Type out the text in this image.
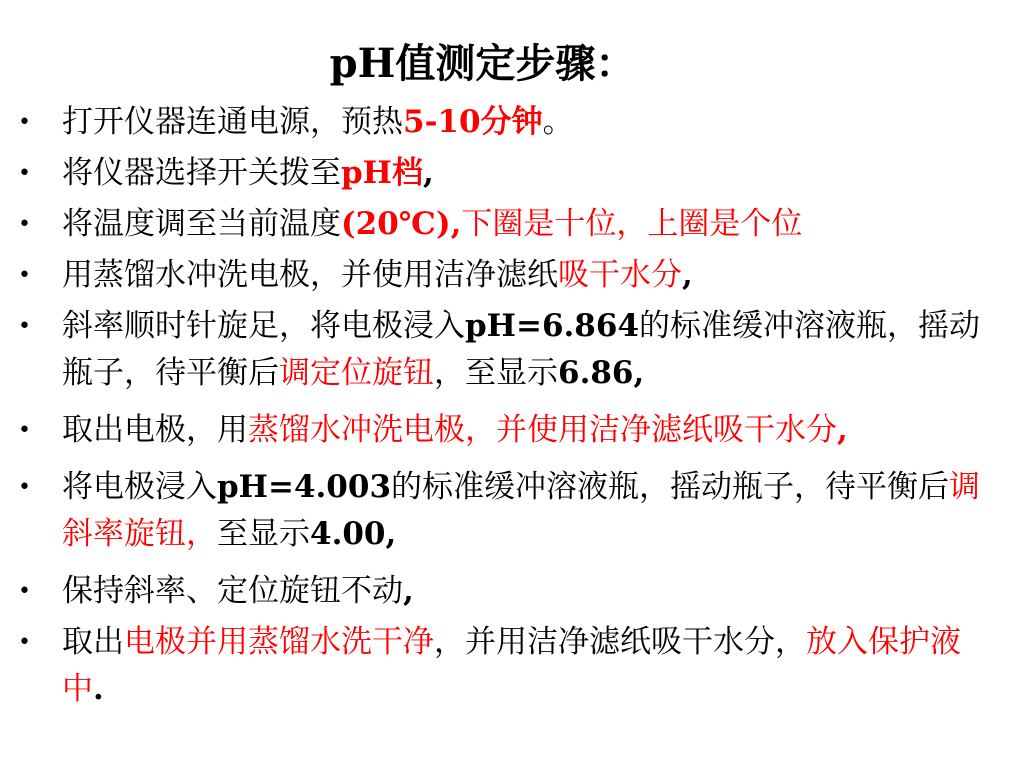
pH值测定步骤：
• 打开仪器连通电源，预热5-10分钟。
• 将仪器选择开关拨至pH档,
• 将温度调至当前温度(20℃),下圈是十位，上圈是个位
• 用蒸馏水冲洗电极，并使用洁净滤纸吸干水分,
• 斜率顺时针旋足，将电极浸入pH=6.864的标准缓冲溶液瓶，摇动瓶子，待平衡后调定位旋钮，至显示6.86,
• 取出电极，用蒸馏水冲洗电极，并使用洁净滤纸吸干水分,
• 将电极浸入pH=4.003的标准缓冲溶液瓶，摇动瓶子，待平衡后调斜率旋钮，至显示4.00,
• 保持斜率、定位旋钮不动,
• 取出电极并用蒸馏水洗干净，并用洁净滤纸吸干水分，放入保护液中.
